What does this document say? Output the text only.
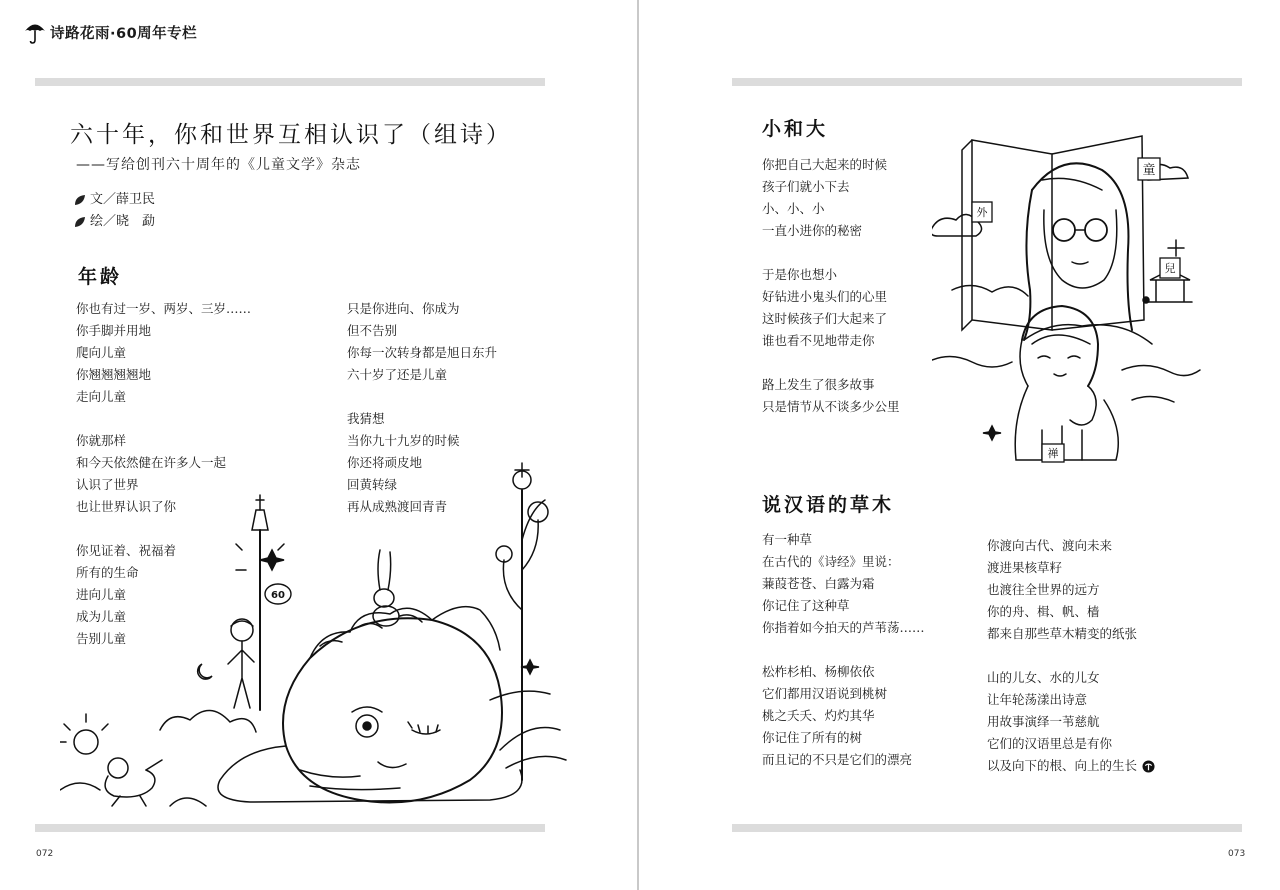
诗路花雨·60周年专栏
六十年，你和世界互相认识了（组诗）
——写给创刊六十周年的《儿童文学》杂志
文／薛卫民
绘／晓　勐
年龄
你也有过一岁、两岁、三岁……
你手脚并用地
爬向儿童
你翘翘翘翘地
走向儿童
你就那样
和今天依然健在许多人一起
认识了世界
也让世界认识了你
你见证着、祝福着
所有的生命
进向儿童
成为儿童
告别儿童
只是你进向、你成为
但不告别
你每一次转身都是旭日东升
六十岁了还是儿童
我猜想
当你九十九岁的时候
你还将顽皮地
回黄转绿
再从成熟渡回青青
60
072
小和大
你把自己大起来的时候
孩子们就小下去
小、小、小
一直小进你的秘密
于是你也想小
好钻进小鬼头们的心里
这时候孩子们大起来了
谁也看不见地带走你
路上发生了很多故事
只是情节从不谈多少公里
童
外
兒
禅
说汉语的草木
有一种草
在古代的《诗经》里说：
蒹葭苍苍、白露为霜
你记住了这种草
你指着如今拍天的芦苇荡……
松柞杉柏、杨柳依依
它们都用汉语说到桃树
桃之夭夭、灼灼其华
你记住了所有的树
而且记的不只是它们的漂亮
你渡向古代、渡向未来
渡进果核草籽
也渡往全世界的远方
你的舟、楫、帆、樯
都来自那些草木精变的纸张
山的儿女、水的儿女
让年轮荡漾出诗意
用故事演绎一苇慈航
它们的汉语里总是有你
以及向下的根、向上的生长
073
